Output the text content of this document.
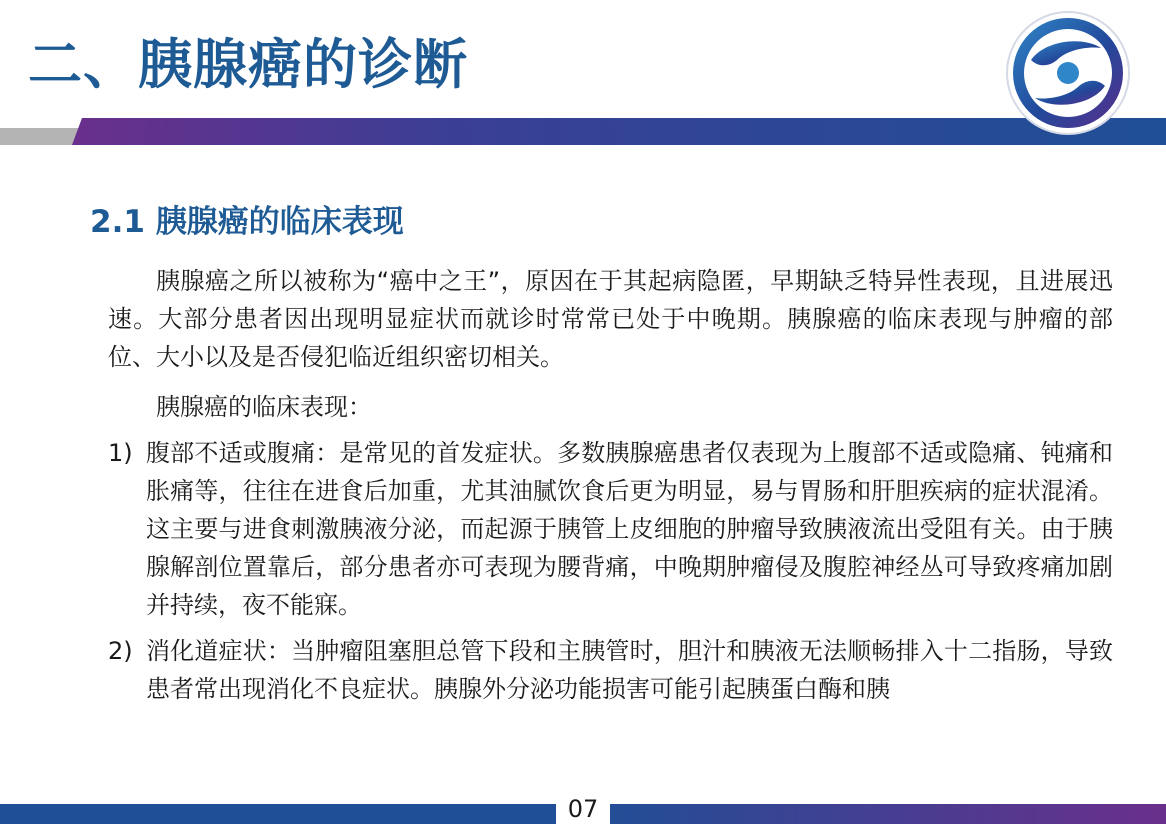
二、胰腺癌的诊断
2.1 胰腺癌的临床表现

胰腺癌之所以被称为“癌中之王”，原因在于其起病隐匿，早期缺乏特异性表现，且进展迅速。大部分患者因出现明显症状而就诊时常常已处于中晚期。胰腺癌的临床表现与肿瘤的部位、大小以及是否侵犯临近组织密切相关。

胰腺癌的临床表现：

1) 腹部不适或腹痛：是常见的首发症状。多数胰腺癌患者仅表现为上腹部不适或隐痛、钝痛和胀痛等，往往在进食后加重，尤其油腻饮食后更为明显，易与胃肠和肝胆疾病的症状混淆。这主要与进食刺激胰液分泌，而起源于胰管上皮细胞的肿瘤导致胰液流出受阻有关。由于胰腺解剖位置靠后，部分患者亦可表现为腰背痛，中晚期肿瘤侵及腹腔神经丛可导致疼痛加剧并持续，夜不能寐。
2) 消化道症状：当肿瘤阻塞胆总管下段和主胰管时，胆汁和胰液无法顺畅排入十二指肠，导致患者常出现消化不良症状。胰腺外分泌功能损害可能引起胰蛋白酶和胰
07
